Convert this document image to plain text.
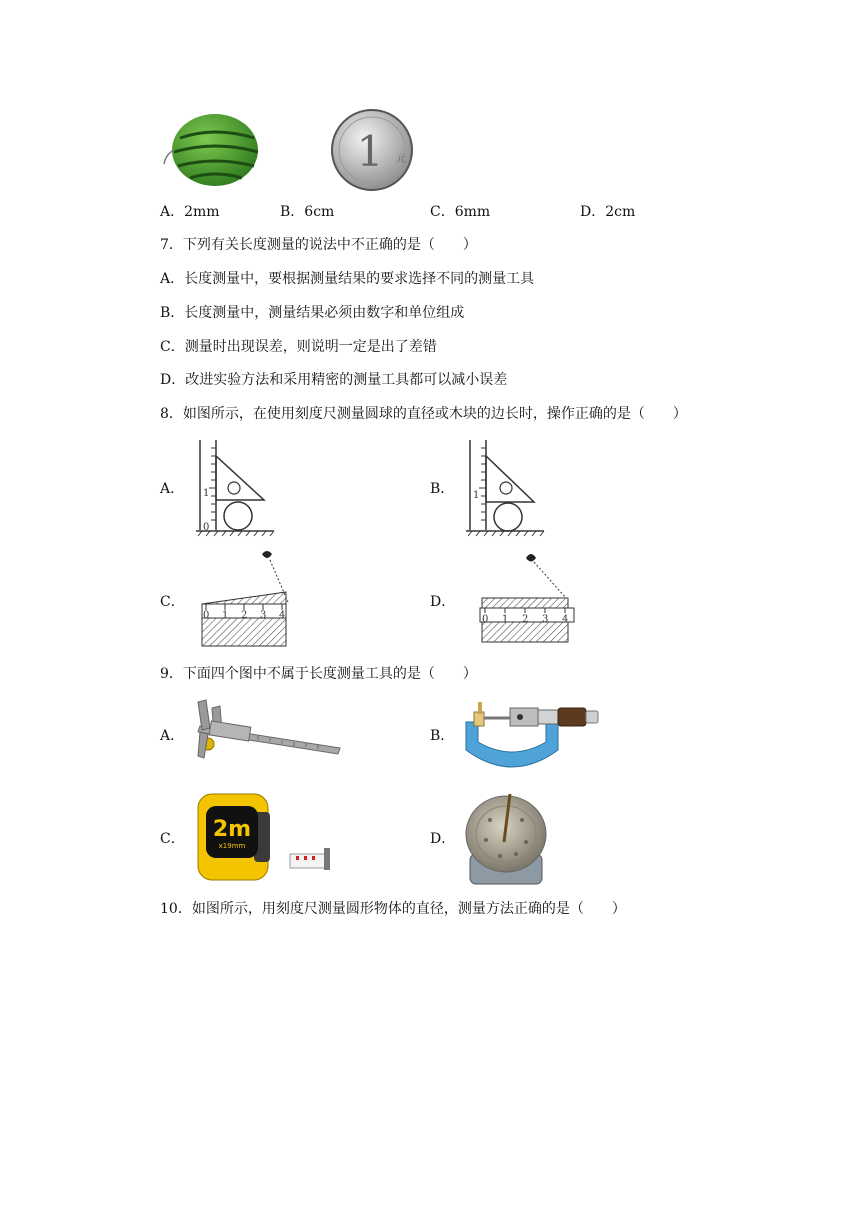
1 元
A．2mm	B．6cm	C．6mm	D．2cm
7．下列有关长度测量的说法中不正确的是（　　）
A．长度测量中，要根据测量结果的要求选择不同的测量工具
B．长度测量中，测量结果必须由数字和单位组成
C．测量时出现误差，则说明一定是出了差错
D．改进实验方法和采用精密的测量工具都可以减小误差
8．如图所示，在使用刻度尺测量圆球的直径或木块的边长时，操作正确的是（　　）
A． 1
0
B． 1
C．
0 1 2 3 4
D．
0 1 2 3 4
9．下面四个图中不属于长度测量工具的是（　　）
A．	B．
C． 2m
x19mm	D．
10．如图所示，用刻度尺测量圆形物体的直径，测量方法正确的是（　　）
